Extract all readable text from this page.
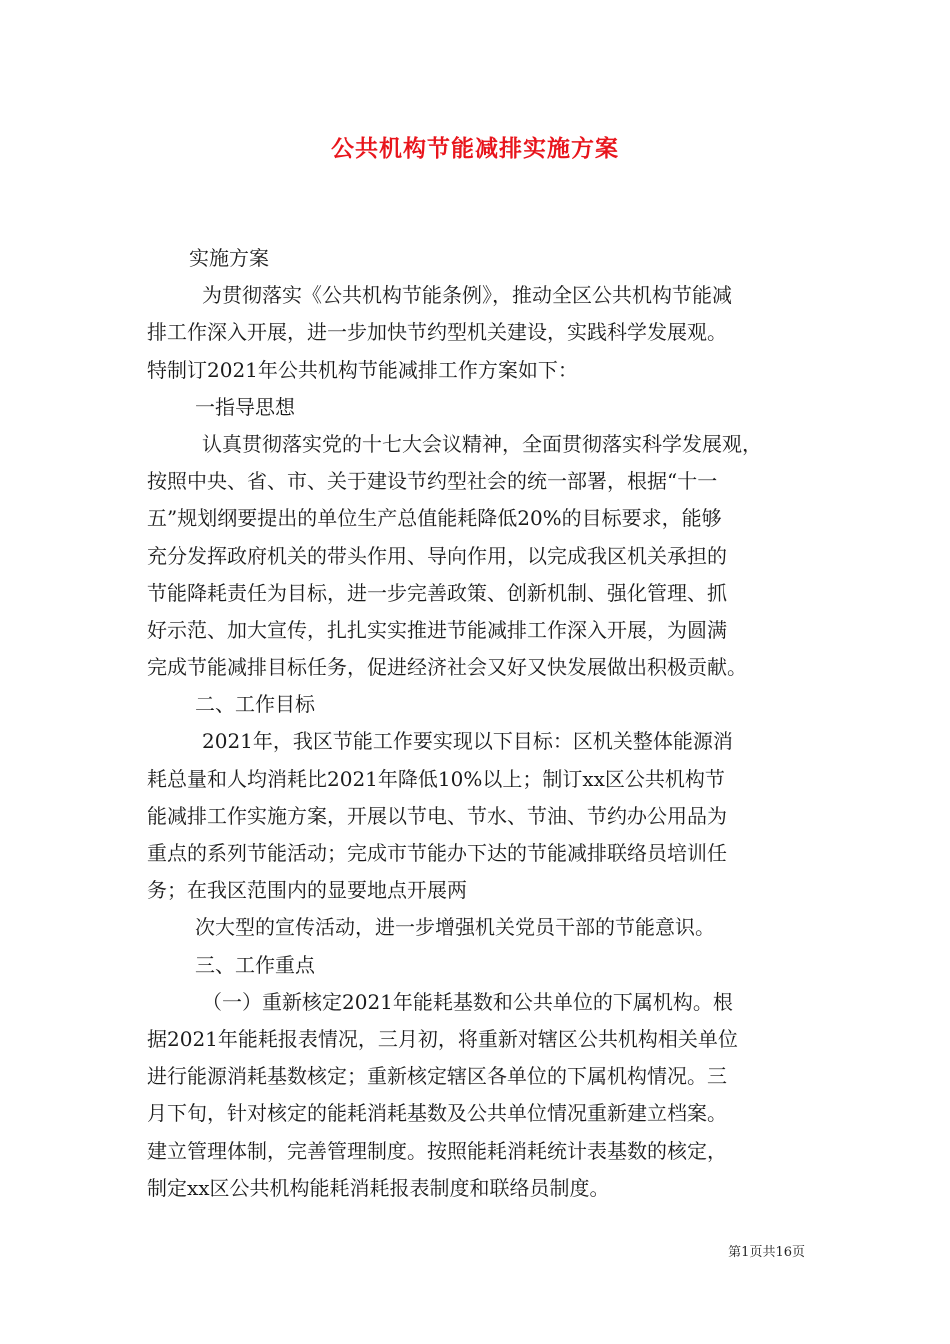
公共机构节能减排实施方案
实施方案
为贯彻落实《公共机构节能条例》，推动全区公共机构节能减
排工作深入开展，进一步加快节约型机关建设，实践科学发展观。
特制订2021年公共机构节能减排工作方案如下：
一指导思想
认真贯彻落实党的十七大会议精神，全面贯彻落实科学发展观，
按照中央、省、市、关于建设节约型社会的统一部署，根据“十一
五”规划纲要提出的单位生产总值能耗降低20%的目标要求，能够
充分发挥政府机关的带头作用、导向作用，以完成我区机关承担的
节能降耗责任为目标，进一步完善政策、创新机制、强化管理、抓
好示范、加大宣传，扎扎实实推进节能减排工作深入开展，为圆满
完成节能减排目标任务，促进经济社会又好又快发展做出积极贡献。
二、工作目标
2021年，我区节能工作要实现以下目标：区机关整体能源消
耗总量和人均消耗比2021年降低10%以上；制订xx区公共机构节
能减排工作实施方案，开展以节电、节水、节油、节约办公用品为
重点的系列节能活动；完成市节能办下达的节能减排联络员培训任
务；在我区范围内的显要地点开展两
次大型的宣传活动，进一步增强机关党员干部的节能意识。
三、工作重点
（一）重新核定2021年能耗基数和公共单位的下属机构。根
据2021年能耗报表情况，三月初，将重新对辖区公共机构相关单位
进行能源消耗基数核定；重新核定辖区各单位的下属机构情况。三
月下旬，针对核定的能耗消耗基数及公共单位情况重新建立档案。
建立管理体制，完善管理制度。按照能耗消耗统计表基数的核定，
制定xx区公共机构能耗消耗报表制度和联络员制度。
第1页共16页
